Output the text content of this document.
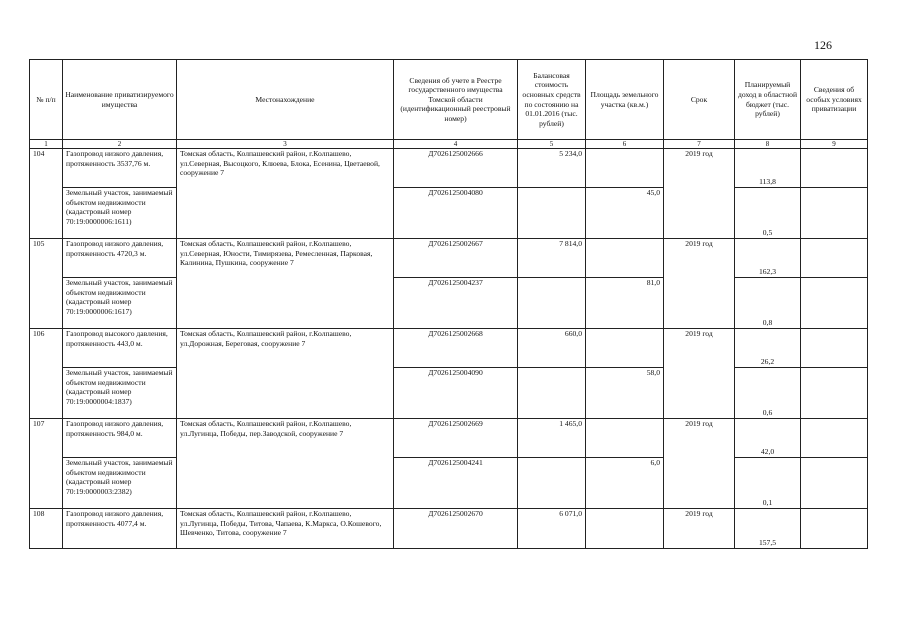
126
№ п/п	Наименование приватизируемого имущества	Местонахождение	Сведения об учете в Реестре государственного имущества Томской области (идентификационный реестровый номер)	Балансовая стоимость основных средств по состоянию на 01.01.2016 (тыс. рублей)	Площадь земельного участка (кв.м.)	Срок	Планируемый доход в областной бюджет (тыс. рублей)	Сведения об особых условиях приватизации
1	2	3	4	5	6	7	8	9
104	Газопровод низкого давления, протяженность 3537,76 м.	Томская область, Колпашевский район, г.Колпашево, ул.Северная, Высоцкого, Клюева, Блока, Есенина, Цветаевой, сооружение 7	Д7026125002666	5 234,0		2019 год	113,8	
	Земельный участок, занимаемый объектом недвижимости (кадастровый номер 70:19:0000006:1611)		Д7026125004080		45,0		0,5	
105	Газопровод низкого давления, протяженность 4720,3 м.	Томская область, Колпашевский район, г.Колпашево, ул.Северная, Юности, Тимирязева, Ремесленная, Парковая, Калинина, Пушкина, сооружение 7	Д7026125002667	7 814,0		2019 год	162,3	
	Земельный участок, занимаемый объектом недвижимости (кадастровый номер 70:19:0000006:1617)		Д7026125004237		81,0		0,8	
106	Газопровод высокого давления, протяженность 443,0 м.	Томская область, Колпашевский район, г.Колпашево, ул.Дорожная, Береговая, сооружение 7	Д7026125002668	660,0		2019 год	26,2	
	Земельный участок, занимаемый объектом недвижимости (кадастровый номер 70:19:0000004:1837)		Д7026125004090		58,0		0,6	
107	Газопровод низкого давления, протяженность 984,0 м.	Томская область, Колпашевский район, г.Колпашево, ул.Лугинца, Победы, пер.Заводской, сооружение 7	Д7026125002669	1 465,0		2019 год	42,0	
	Земельный участок, занимаемый объектом недвижимости (кадастровый номер 70:19:0000003:2382)		Д7026125004241		6,0		0,1	
108	Газопровод низкого давления, протяженность 4077,4 м.	Томская область, Колпашевский район, г.Колпашево, ул.Лугинца, Победы, Титова, Чапаева, К.Маркса, О.Кошевого, Шевченко, Титова, сооружение 7	Д7026125002670	6 071,0		2019 год	157,5	
